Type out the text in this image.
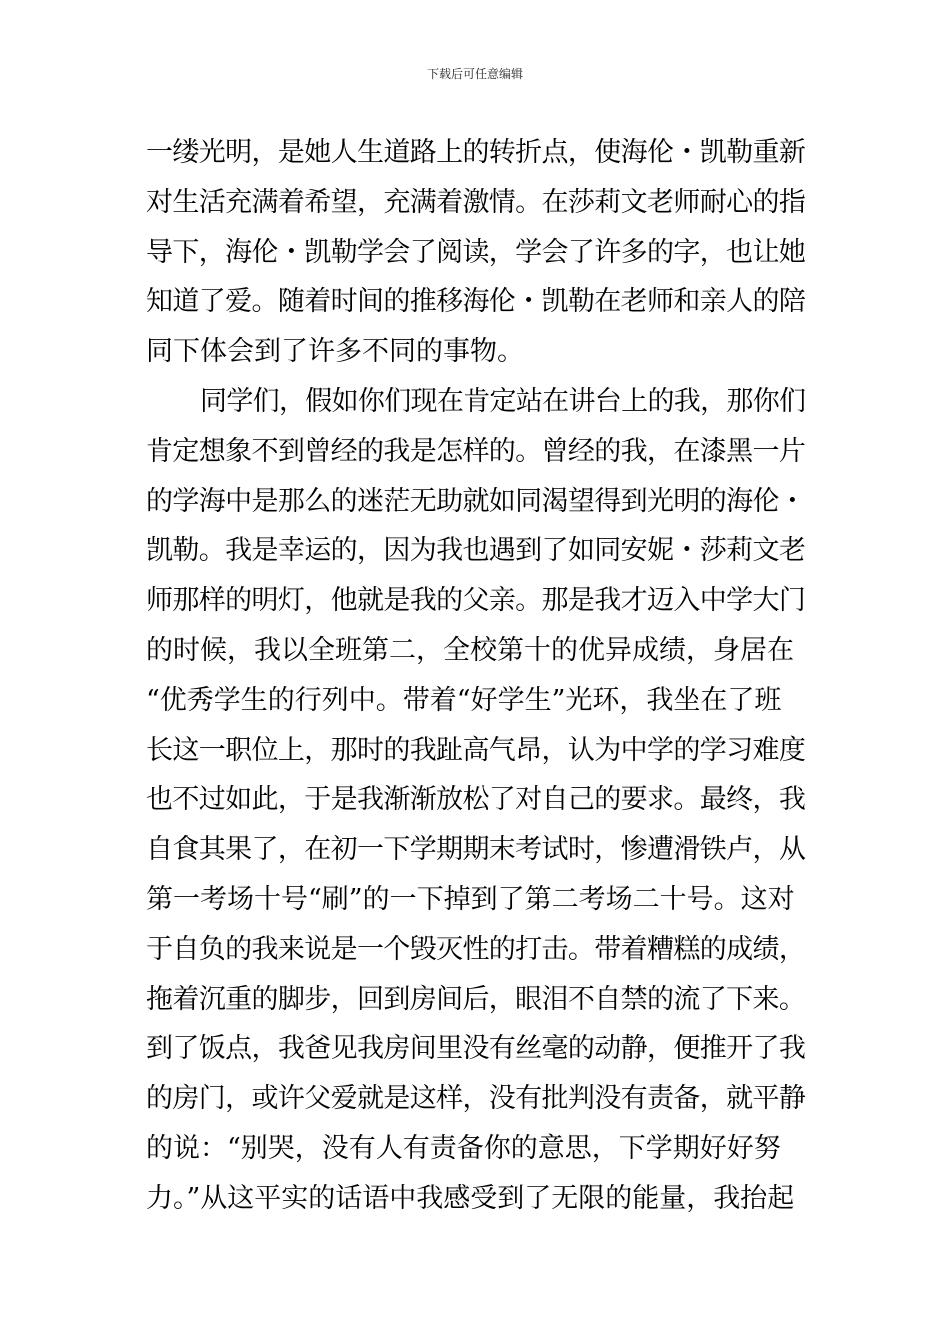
下载后可任意编辑
一缕光明，是她人生道路上的转折点，使海伦・凯勒重新
对生活充满着希望，充满着激情。在莎莉文老师耐心的指
导下，海伦・凯勒学会了阅读，学会了许多的字，也让她
知道了爱。随着时间的推移海伦・凯勒在老师和亲人的陪
同下体会到了许多不同的事物。
同学们，假如你们现在肯定站在讲台上的我，那你们
肯定想象不到曾经的我是怎样的。曾经的我，在漆黑一片
的学海中是那么的迷茫无助就如同渴望得到光明的海伦・
凯勒。我是幸运的，因为我也遇到了如同安妮・莎莉文老
师那样的明灯，他就是我的父亲。那是我才迈入中学大门
的时候，我以全班第二，全校第十的优异成绩，身居在
“优秀学生的行列中。带着“好学生”光环，我坐在了班
长这一职位上，那时的我趾高气昂，认为中学的学习难度
也不过如此，于是我渐渐放松了对自己的要求。最终，我
自食其果了，在初一下学期期末考试时，惨遭滑铁卢，从
第一考场十号“刷”的一下掉到了第二考场二十号。这对
于自负的我来说是一个毁灭性的打击。带着糟糕的成绩，
拖着沉重的脚步，回到房间后，眼泪不自禁的流了下来。
到了饭点，我爸见我房间里没有丝毫的动静，便推开了我
的房门，或许父爱就是这样，没有批判没有责备，就平静
的说：“别哭，没有人有责备你的意思，下学期好好努
力。”从这平实的话语中我感受到了无限的能量，我抬起
